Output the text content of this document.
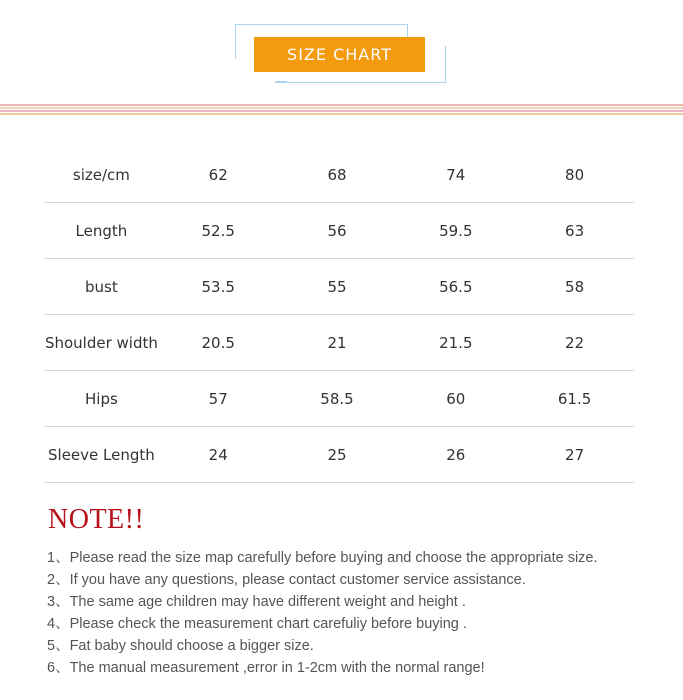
SIZE CHART
size/cm	62	68	74	80
Length	52.5	56	59.5	63
bust	53.5	55	56.5	58
Shoulder width	20.5	21	21.5	22
Hips	57	58.5	60	61.5
Sleeve Length	24	25	26	27
NOTE!!
1、Please read the size map carefully before buying and choose the appropriate size.
2、If you have any questions, please contact customer service assistance.
3、The same age children may have different weight and height .
4、Please check the measurement chart carefuliy before buying .
5、Fat baby should choose a bigger size.
6、The manual measurement ,error in 1-2cm with the normal range!
